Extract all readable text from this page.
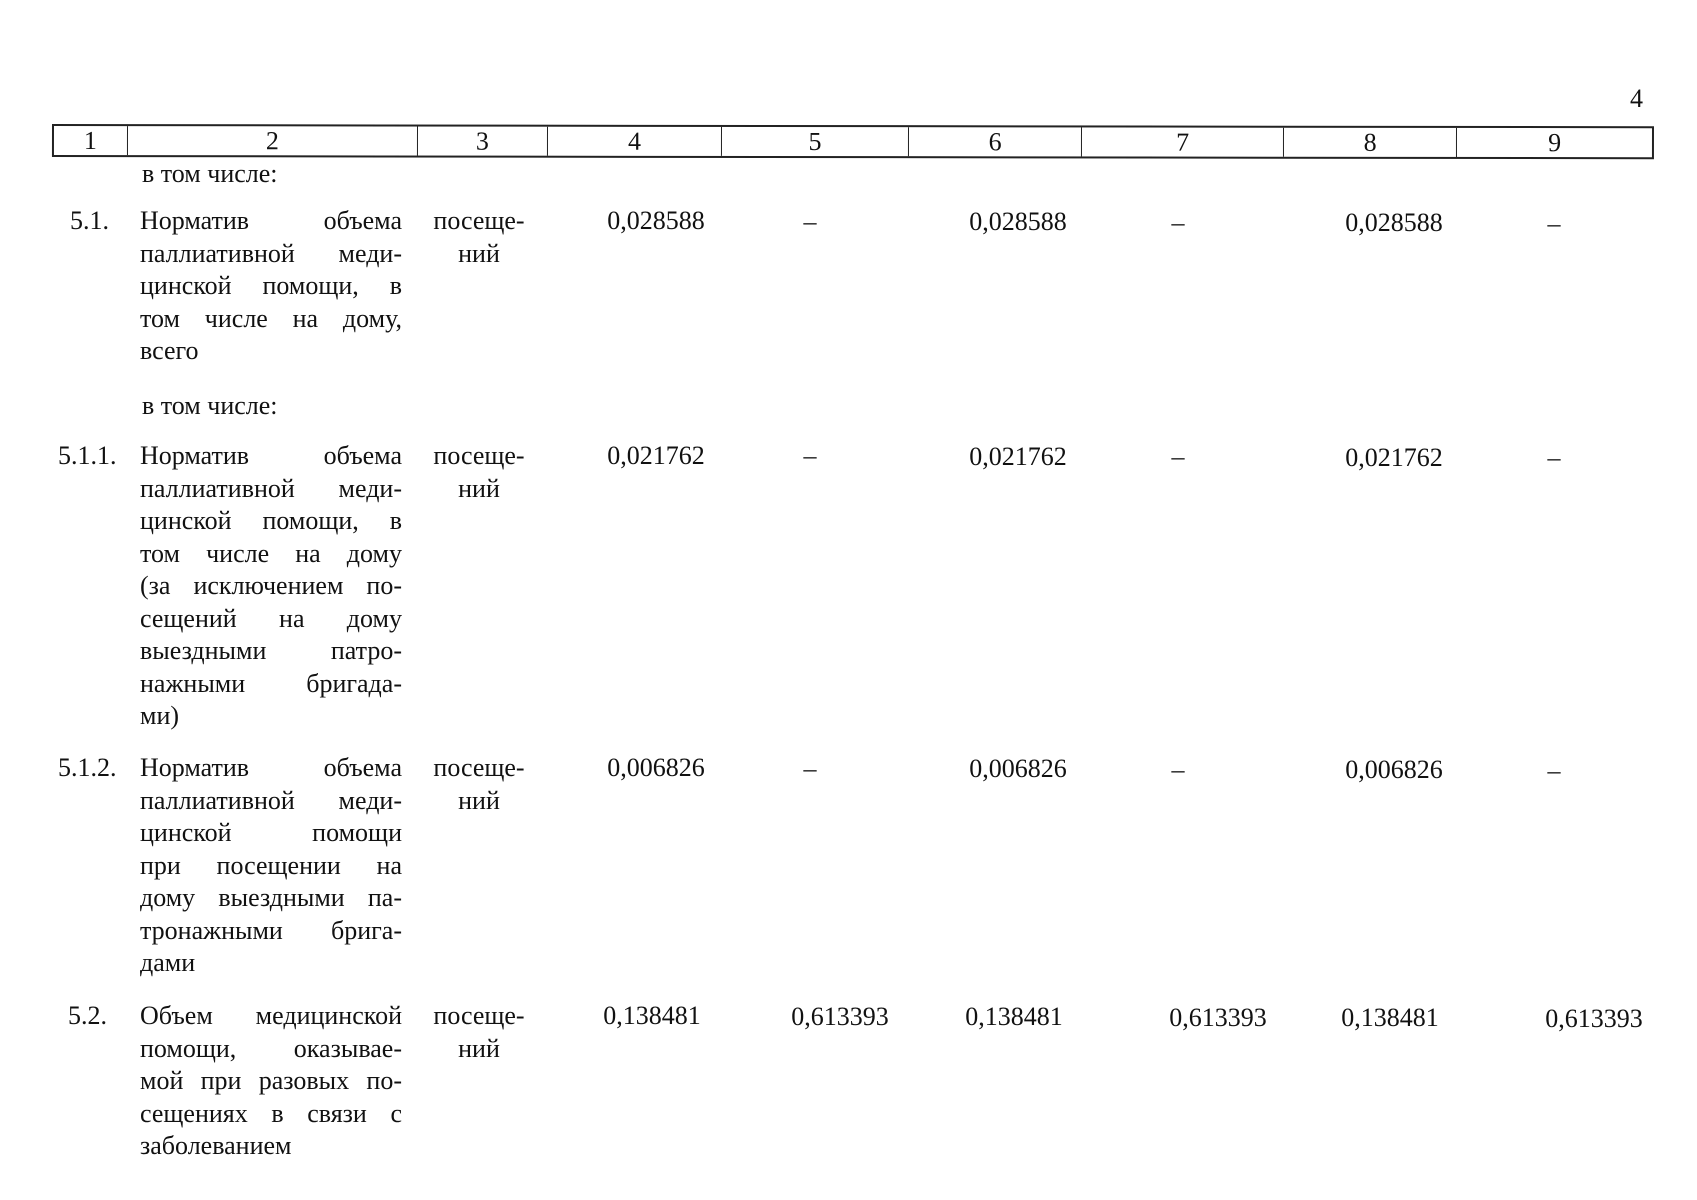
4
1	2	3	4	5	6	7	8	9
в том числе:
5.1. Норматив объема
паллиативной меди-
цинской помощи, в
том числе на дому,
всего
посеще-
ний
0,028588	–	0,028588	–	0,028588	–
в том числе:
5.1.1. Норматив объема
паллиативной меди-
цинской помощи, в
том числе на дому
(за исключением по-
сещений на дому
выездными патро-
нажными бригада-
ми)
посеще-
ний
0,021762	–	0,021762	–	0,021762	–
5.1.2. Норматив объема
паллиативной меди-
цинской помощи
при посещении на
дому выездными па-
тронажными брига-
дами
посеще-
ний
0,006826	–	0,006826	–	0,006826	–
5.2. Объем медицинской
помощи, оказывае-
мой при разовых по-
сещениях в связи с
заболеванием
посеще-
ний
0,138481	0,613393	0,138481	0,613393	0,138481	0,613393
